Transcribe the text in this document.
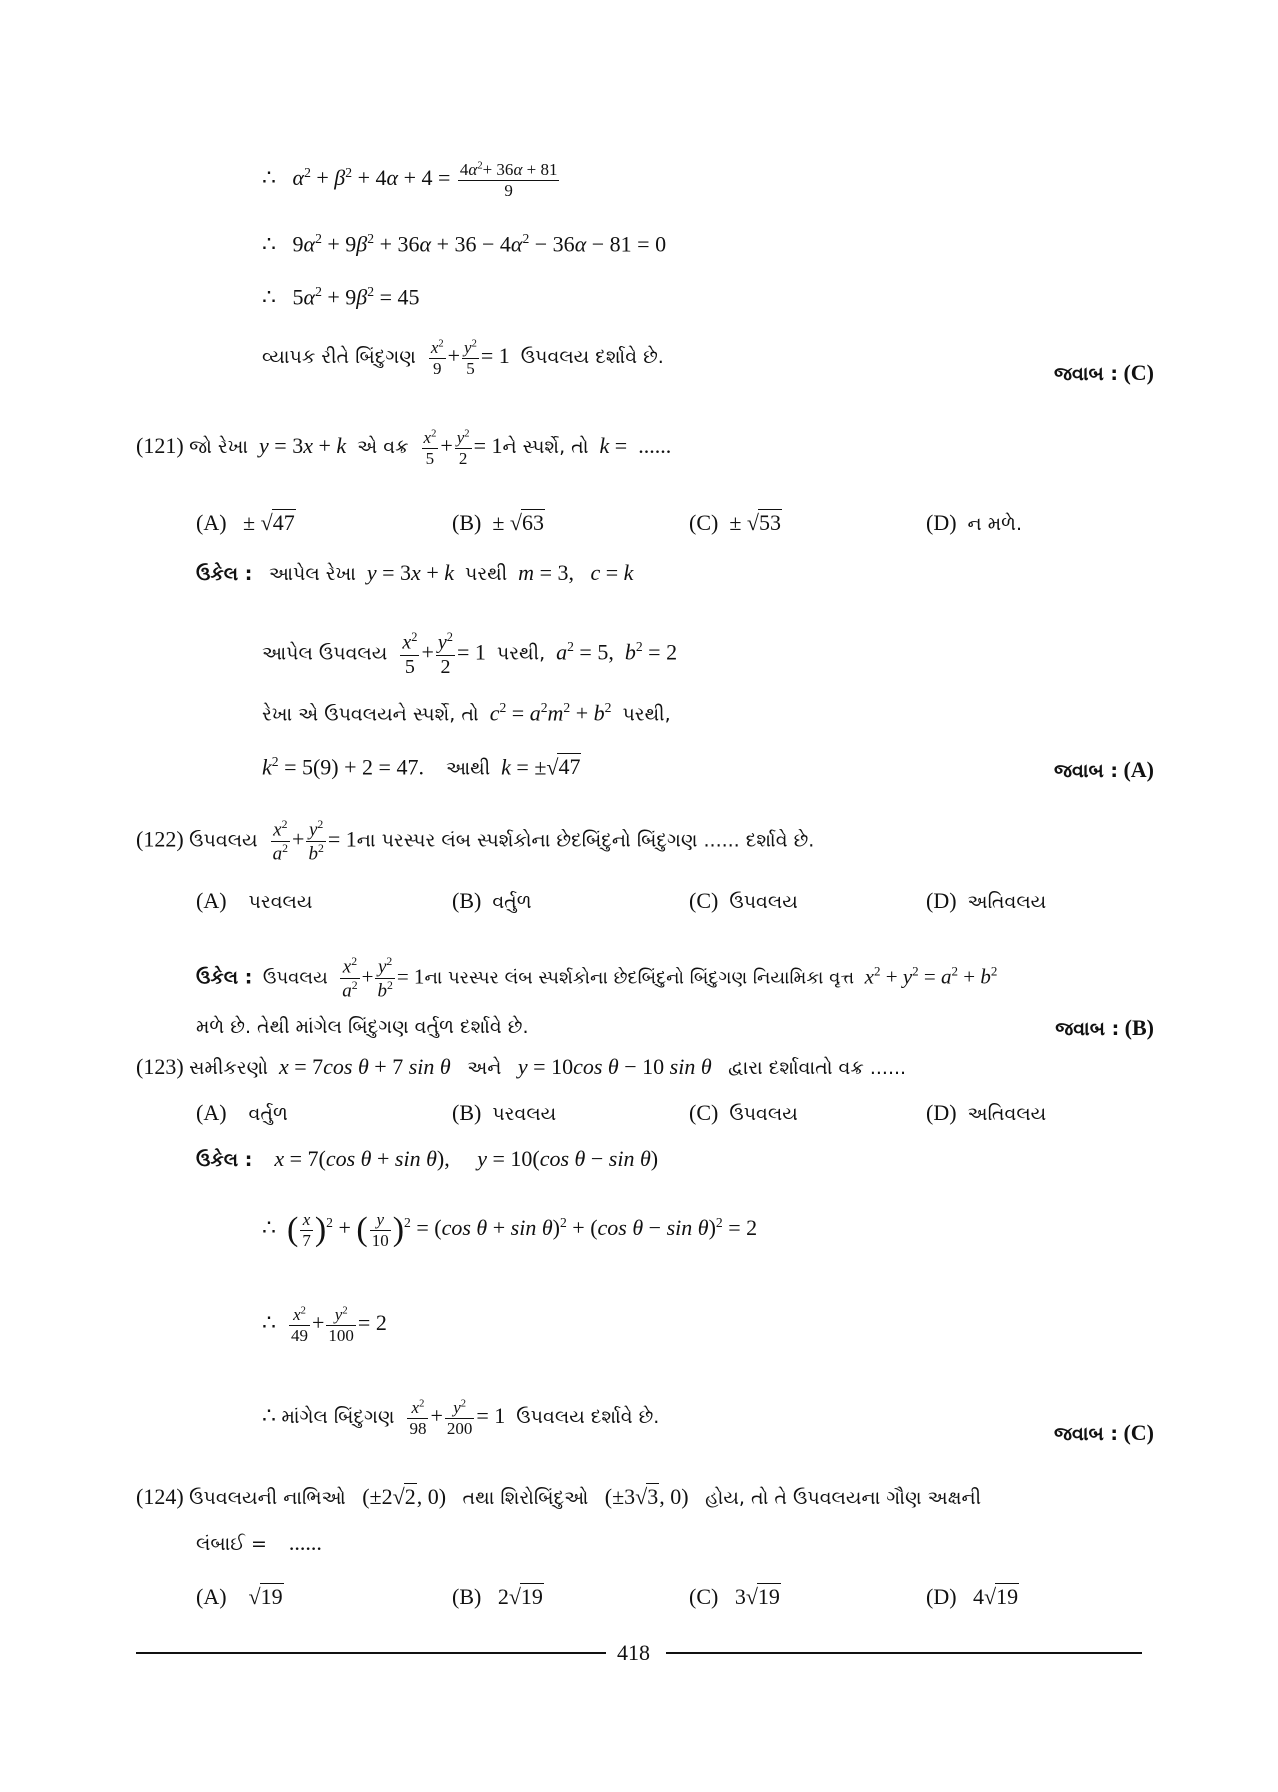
∴ $\alpha^2 + \beta^2 + 4\alpha + 4 = \frac{4\alpha^2+ 36\alpha + 81}{9}$
∴   $9\alpha^2 + 9\beta^2 + 36\alpha + 36 - 4\alpha^2 - 36\alpha - 81 = 0$
∴   $5\alpha^2 + 9\beta^2 = 45$
વ્યાપક રીતે બિંદુગણ $\frac{x^2}{9} + \frac{y^2}{5} = 1$  ઉપવલય દર્શાવે છે.
જવાબ : (C)
(121) જો રેખા y = 3x + k એ વક્ર $\frac{x^2}{5} + \frac{y^2}{2}$ = 1ને સ્પર્શે, તો k =  ......
(A)   ± √47	(B)  ± √63	(C)  ± √53	(D) ન મળે.
ઉકેલ : આપેલ રેખા y = 3x + k પરથી m = 3,   c = k
આપેલ ઉપવલય $\frac{x^2}{5} + \frac{y^2}{2} = 1$  પરથી, $a^2 = 5$,  $b^2 = 2$
રેખા એ ઉપવલયને સ્પર્શે, તો $c^2 = a^2m^2 + b^2$ પરથી,
$k^2 = 5(9) + 2 = 47$.    આથી k = ±√47	જવાબ : (A)
(122) ઉપવલય $\frac{x^2}{a^2} + \frac{y^2}{b^2}$ = 1ના પરસ્પર લંબ સ્પર્શકોના છેદબિંદુનો બિંદુગણ ...... દર્શાવે છે.
(A) પરવલય	(B) વર્તુળ	(C) ઉપવલય	(D) અતિવલય
ઉકેલ : ઉપવલય $\frac{x^2}{a^2} + \frac{y^2}{b^2}$ = 1ના પરસ્પર લંબ સ્પર્શકોના છેદબિંદુનો બિંદુગણ નિયામિકા વૃત્ત $x^2 + y^2 = a^2 + b^2$
મળે છે. તેથી માંગેલ બિંદુગણ વર્તુળ દર્શાવે છે.	જવાબ : (B)
(123) સમીકરણો x = 7cos θ + 7 sin θ અને y = 10cos θ − 10 sin θ દ્વારા દર્શાવાતો વક્ર ......
(A) વર્તુળ	(B) પરવલય	(C) ઉપવલય	(D) અતિવલય
ઉકેલ : x = 7(cos θ + sin θ),     y = 10(cos θ − sin θ)
∴ ( $\frac{x}{7} )^2$ + ( $\frac{y}{10} )^2 = (\cos$ θ + sin θ)$^2$ + (cos θ − sin θ)$^2$ = 2
∴ $\frac{x^2}{49} + \frac{y^2}{100} = 2$
∴ માંગેલ બિંદુગણ $\frac{x^2}{98} + \frac{y^2}{200} = 1$  ઉપવલય દર્શાવે છે.
જવાબ : (C)
(124) ઉપવલયની નાભિઓ   (±2√2, 0)   તથા શિરોબિંદુઓ   (±3√3, 0)   હોય, તો તે ઉપવલયના ગૌણ અક્ષની
લંબાઈ = ......
(A)    √19	(B)   2√19	(C)   3√19	(D)   4√19
418
